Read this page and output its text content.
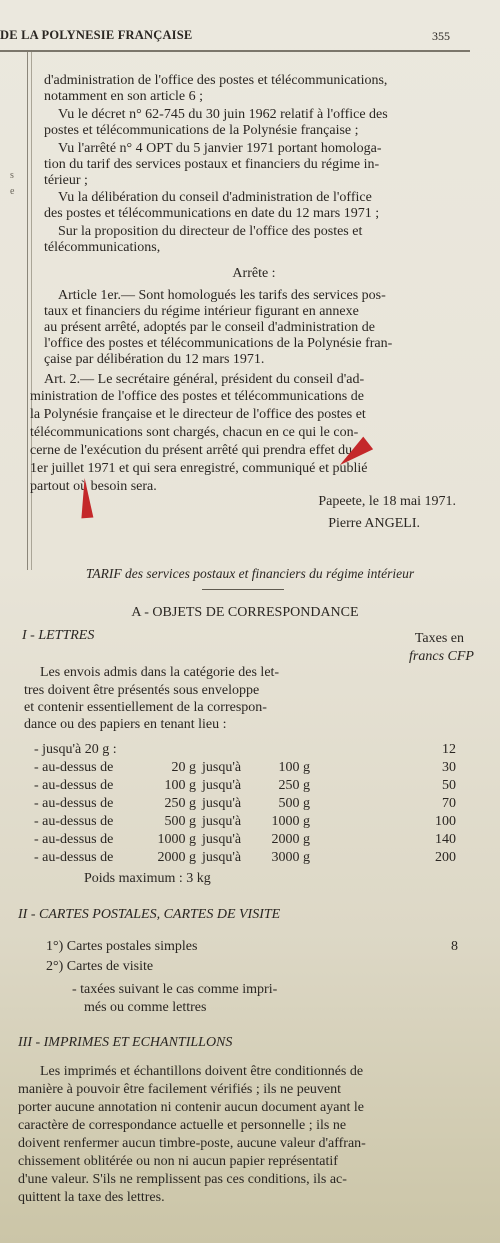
DE LA POLYNESIE FRANÇAISE	355
s
e
d'administration de l'office des postes et télécommunications,
notamment en son article 6 ;
Vu le décret n° 62-745 du 30 juin 1962 relatif à l'office des
postes et télécommunications de la Polynésie française ;
Vu l'arrêté n° 4 OPT du 5 janvier 1971 portant homologa-
tion du tarif des services postaux et financiers du régime in-
térieur ;
Vu la délibération du conseil d'administration de l'office
des postes et télécommunications en date du 12 mars 1971 ;
Sur la proposition du directeur de l'office des postes et
télécommunications,
Arrête :
Article 1er.— Sont homologués les tarifs des services pos-
taux et financiers du régime intérieur figurant en annexe
au présent arrêté, adoptés par le conseil d'administration de
l'office des postes et télécommunications de la Polynésie fran-
çaise par délibération du 12 mars 1971.
Art. 2.— Le secrétaire général, président du conseil d'ad-
ministration de l'office des postes et télécommunications de
la Polynésie française et le directeur de l'office des postes et
télécommunications sont chargés, chacun en ce qui le con-
cerne de l'exécution du présent arrêté qui prendra effet du
1er juillet 1971 et qui sera enregistré, communiqué et publié
partout où besoin sera.
Papeete, le 18 mai 1971.
Pierre ANGELI.
TARIF des services postaux et financiers du régime intérieur
A - OBJETS DE CORRESPONDANCE
I - LETTRES	Taxes en
francs CFP
Les envois admis dans la catégorie des let-
tres doivent être présentés sous enveloppe
et contenir essentiellement de la correspon-
dance ou des papiers en tenant lieu :
- jusqu'à 20 g :	12
- au-dessus de	20 g jusqu'à	100 g	30
- au-dessus de	100 g jusqu'à	250 g	50
- au-dessus de	250 g jusqu'à	500 g	70
- au-dessus de	500 g jusqu'à	1000 g	100
- au-dessus de	1000 g jusqu'à	2000 g	140
- au-dessus de	2000 g jusqu'à	3000 g	200
Poids maximum : 3 kg
II - CARTES POSTALES, CARTES DE VISITE
1°) Cartes postales simples	8
2°) Cartes de visite
- taxées suivant le cas comme impri-
més ou comme lettres
III - IMPRIMES ET ECHANTILLONS
Les imprimés et échantillons doivent être conditionnés de
manière à pouvoir être facilement vérifiés ; ils ne peuvent
porter aucune annotation ni contenir aucun document ayant le
caractère de correspondance actuelle et personnelle ; ils ne
doivent renfermer aucun timbre-poste, aucune valeur d'affran-
chissement oblitérée ou non ni aucun papier représentatif
d'une valeur. S'ils ne remplissent pas ces conditions, ils ac-
quittent la taxe des lettres.
